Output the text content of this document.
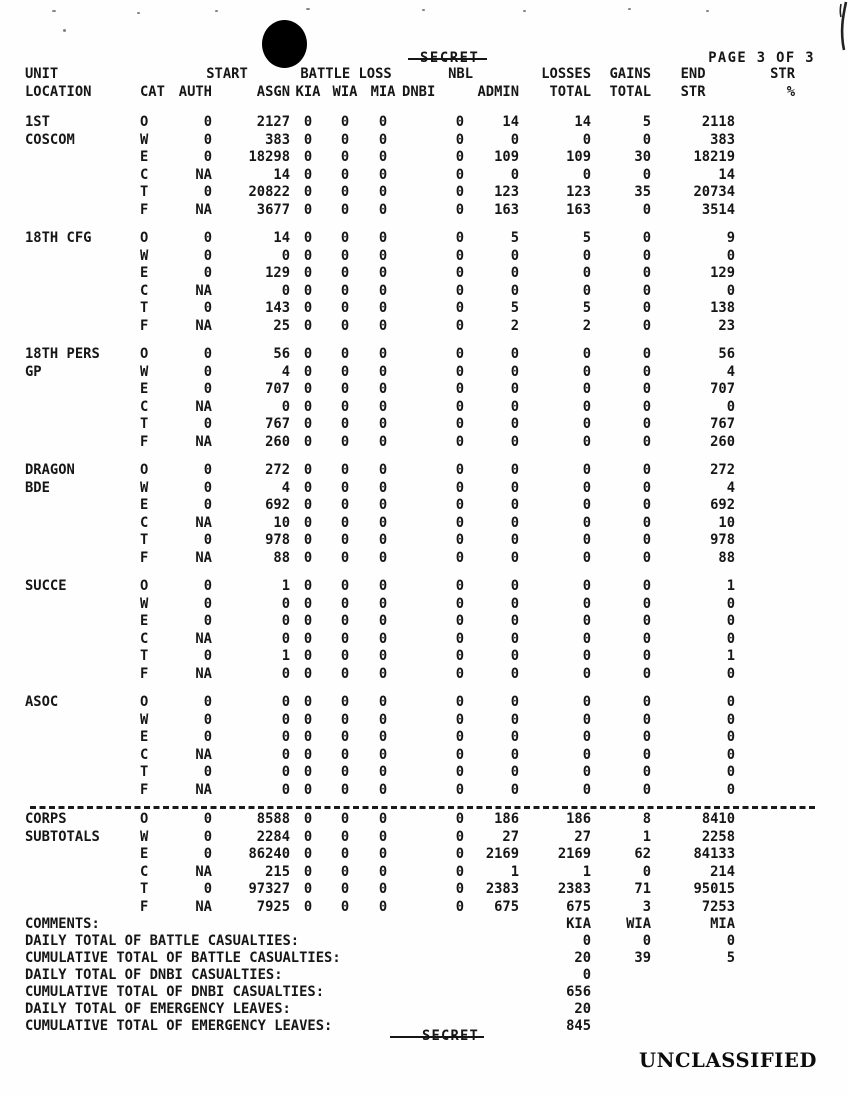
SECRET	PAGE 3 OF 3
UNIT		START		BATTLE LOSS			NBL		LOSSES	GAINS	END	STR
LOCATION	CAT	AUTH	ASGN	KIA	WIA	MIA	DNBI	ADMIN	TOTAL	TOTAL	STR	%

1ST	O	0	2127	0	0	0	0	14	14	5	2118	
COSCOM	W	0	383	0	0	0	0	0	0	0	383	
	E	0	18298	0	0	0	0	109	109	30	18219	
	C	NA	14	0	0	0	0	0	0	0	14	
	T	0	20822	0	0	0	0	123	123	35	20734	
	F	NA	3677	0	0	0	0	163	163	0	3514	

18TH CFG	O	0	14	0	0	0	0	5	5	0	9	
	W	0	0	0	0	0	0	0	0	0	0	
	E	0	129	0	0	0	0	0	0	0	129	
	C	NA	0	0	0	0	0	0	0	0	0	
	T	0	143	0	0	0	0	5	5	0	138	
	F	NA	25	0	0	0	0	2	2	0	23	

18TH PERS	O	0	56	0	0	0	0	0	0	0	56	
GP	W	0	4	0	0	0	0	0	0	0	4	
	E	0	707	0	0	0	0	0	0	0	707	
	C	NA	0	0	0	0	0	0	0	0	0	
	T	0	767	0	0	0	0	0	0	0	767	
	F	NA	260	0	0	0	0	0	0	0	260	

DRAGON	O	0	272	0	0	0	0	0	0	0	272	
BDE	W	0	4	0	0	0	0	0	0	0	4	
	E	0	692	0	0	0	0	0	0	0	692	
	C	NA	10	0	0	0	0	0	0	0	10	
	T	0	978	0	0	0	0	0	0	0	978	
	F	NA	88	0	0	0	0	0	0	0	88	

SUCCE	O	0	1	0	0	0	0	0	0	0	1	
	W	0	0	0	0	0	0	0	0	0	0	
	E	0	0	0	0	0	0	0	0	0	0	
	C	NA	0	0	0	0	0	0	0	0	0	
	T	0	1	0	0	0	0	0	0	0	1	
	F	NA	0	0	0	0	0	0	0	0	0	

ASOC	O	0	0	0	0	0	0	0	0	0	0	
	W	0	0	0	0	0	0	0	0	0	0	
	E	0	0	0	0	0	0	0	0	0	0	
	C	NA	0	0	0	0	0	0	0	0	0	
	T	0	0	0	0	0	0	0	0	0	0	
	F	NA	0	0	0	0	0	0	0	0	0	

CORPS	O	0	8588	0	0	0	0	186	186	8	8410	
SUBTOTALS	W	0	2284	0	0	0	0	27	27	1	2258	
	E	0	86240	0	0	0	0	2169	2169	62	84133	
	C	NA	215	0	0	0	0	1	1	0	214	
	T	0	97327	0	0	0	0	2383	2383	71	95015	
	F	NA	7925	0	0	0	0	675	675	3	7253	
COMMENTS:									KIA	WIA	MIA	
DAILY TOTAL OF BATTLE CASUALTIES:									0	0	0	
CUMULATIVE TOTAL OF BATTLE CASUALTIES:									20	39	5	
DAILY TOTAL OF DNBI CASUALTIES:									0			
CUMULATIVE TOTAL OF DNBI CASUALTIES:									656			
DAILY TOTAL OF EMERGENCY LEAVES:									20			
CUMULATIVE TOTAL OF EMERGENCY LEAVES:									845			
SECRET
UNCLASSIFIED
